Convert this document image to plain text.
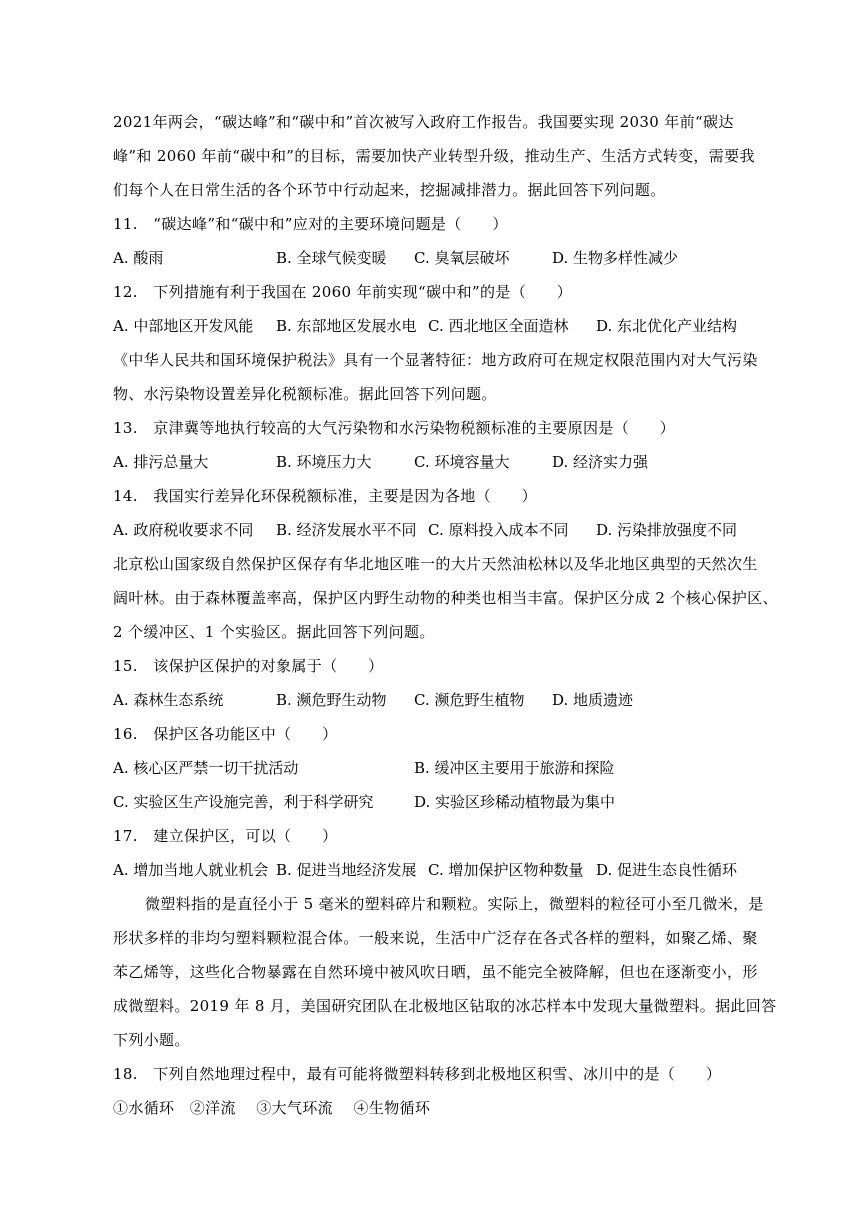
2021年两会，“碳达峰”和“碳中和”首次被写入政府工作报告。我国要实现 2030 年前“碳达
峰”和 2060 年前“碳中和”的目标，需要加快产业转型升级，推动生产、生活方式转变，需要我
们每个人在日常生活的各个环节中行动起来，挖掘减排潜力。据此回答下列问题。
11.　“碳达峰”和“碳中和”应对的主要环境问题是（　　）
A. 酸雨	B. 全球气候变暖 C. 臭氧层破坏	D. 生物多样性减少
12.　下列措施有利于我国在 2060 年前实现“碳中和”的是（　　）
A. 中部地区开发风能 B. 东部地区发展水电 C. 西北地区全面造林 D. 东北优化产业结构
《中华人民共和国环境保护税法》具有一个显著特征：地方政府可在规定权限范围内对大气污染
物、水污染物设置差异化税额标准。据此回答下列问题。
13.　京津冀等地执行较高的大气污染物和水污染物税额标准的主要原因是（　　）
A. 排污总量大	B. 环境压力大	C. 环境容量大	D. 经济实力强
14.　我国实行差异化环保税额标准，主要是因为各地（　　）
A. 政府税收要求不同 B. 经济发展水平不同 C. 原料投入成本不同 D. 污染排放强度不同
北京松山国家级自然保护区保存有华北地区唯一的大片天然油松林以及华北地区典型的天然次生
阔叶林。由于森林覆盖率高，保护区内野生动物的种类也相当丰富。保护区分成 2 个核心保护区、
2 个缓冲区、1 个实验区。据此回答下列问题。
15.　该保护区保护的对象属于（　　）
A. 森林生态系统	B. 濒危野生动物 C. 濒危野生植物 D. 地质遗迹
16.　保护区各功能区中（　　）
A. 核心区严禁一切干扰活动	B. 缓冲区主要用于旅游和探险
C. 实验区生产设施完善，利于科学研究	D. 实验区珍稀动植物最为集中
17.　建立保护区，可以（　　）
A. 增加当地人就业机会 B. 促进当地经济发展 C. 增加保护区物种数量 D. 促进生态良性循环
微塑料指的是直径小于 5 毫米的塑料碎片和颗粒。实际上，微塑料的粒径可小至几微米，是
形状多样的非均匀塑料颗粒混合体。一般来说，生活中广泛存在各式各样的塑料，如聚乙烯、聚
苯乙烯等，这些化合物暴露在自然环境中被风吹日晒，虽不能完全被降解，但也在逐渐变小，形
成微塑料。2019 年 8 月，美国研究团队在北极地区钻取的冰芯样本中发现大量微塑料。据此回答
下列小题。
18.　下列自然地理过程中，最有可能将微塑料转移到北极地区积雪、冰川中的是（　　）
①水循环　②洋流　 ③大气环流　 ④生物循环
